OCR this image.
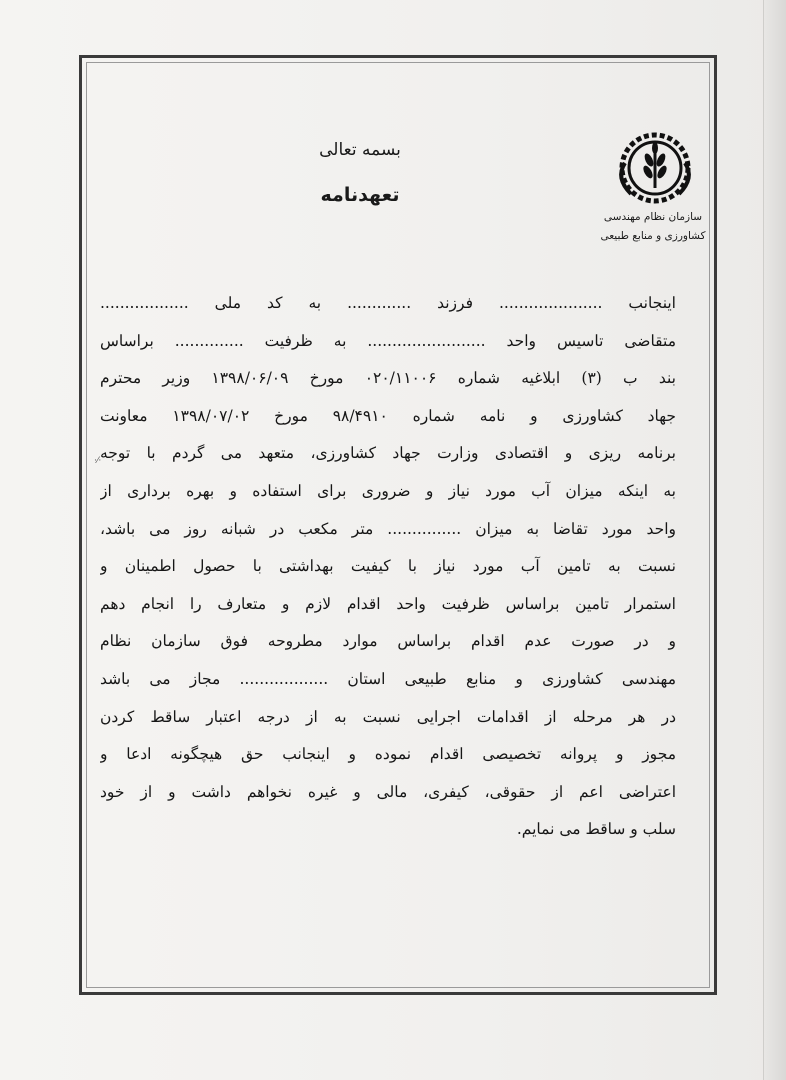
سازمان نظام مهندسی
کشاورزی و منابع طبیعی
بسمه تعالی
تعهدنامه
·⁄·
اینجانب ..................... فرزند ............. به کد ملی ..................
متقاضی تاسیس واحد ........................ به ظرفیت .............. براساس
بند ب (۳) ابلاغیه شماره ۰۲۰/۱۱۰۰۶ مورخ ۱۳۹۸/۰۶/۰۹ وزیر محترم
جهاد کشاورزی و نامه شماره ۹۸/۴۹۱۰ مورخ ۱۳۹۸/۰۷/۰۲ معاونت
برنامه ریزی و اقتصادی وزارت جهاد کشاورزی، متعهد می گردم با توجه
به اینکه میزان آب مورد نیاز و ضروری برای استفاده و بهره برداری از
واحد مورد تقاضا به میزان ............... متر مکعب در شبانه روز می باشد،
نسبت به تامین آب مورد نیاز با کیفیت بهداشتی با حصول اطمینان و
استمرار تامین براساس ظرفیت واحد اقدام لازم و متعارف را انجام دهم
و در صورت عدم اقدام براساس موارد مطروحه فوق سازمان نظام
مهندسی کشاورزی و منابع طبیعی استان .................. مجاز می باشد
در هر مرحله از اقدامات اجرایی نسبت به از درجه اعتبار ساقط کردن
مجوز و پروانه تخصیصی اقدام نموده و اینجانب حق هیچگونه ادعا و
اعتراضی اعم از حقوقی، کیفری، مالی و غیره نخواهم داشت و از خود
سلب و ساقط می نمایم.
